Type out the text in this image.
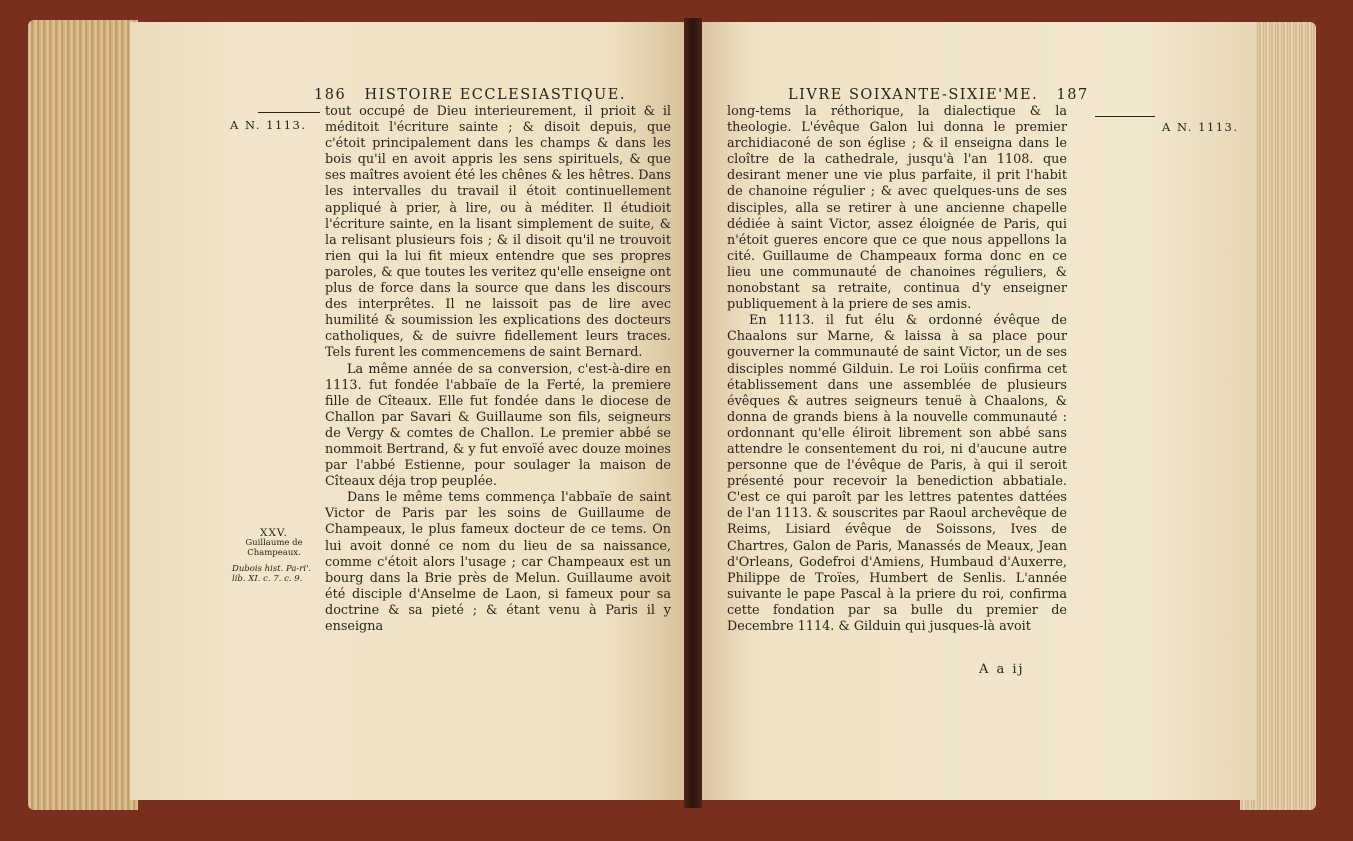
186 HISTOIRE ECCLESIASTIQUE.
A N. 1113.

tout occupé de Dieu interieurement, il prioit & il méditoit l'écriture sainte ; & disoit depuis, que c'étoit principalement dans les champs & dans les bois qu'il en avoit appris les sens spirituels, & que ses maîtres avoient été les chênes & les hêtres. Dans les intervalles du travail il étoit continuellement appliqué à prier, à lire, ou à méditer. Il étudioit l'écriture sainte, en la lisant simplement de suite, & la relisant plusieurs fois ; & il disoit qu'il ne trouvoit rien qui la lui fit mieux entendre que ses propres paroles, & que toutes les veritez qu'elle enseigne ont plus de force dans la source que dans les discours des interprêtes. Il ne laissoit pas de lire avec humilité & soumission les explications des docteurs catholiques, & de suivre fidellement leurs traces. Tels furent les commencemens de saint Bernard.

La même année de sa conversion, c'est-à-dire en 1113. fut fondée l'abbaïe de la Ferté, la premiere fille de Cîteaux. Elle fut fondée dans le diocese de Challon par Savari & Guillaume son fils, seigneurs de Vergy & comtes de Challon. Le premier abbé se nommoit Bertrand, & y fut envoïé avec douze moines par l'abbé Estienne, pour soulager la maison de Cîteaux déja trop peuplée.

Dans le même tems commença l'abbaïe de saint Victor de Paris par les soins de Guillaume de Champeaux, le plus fameux docteur de ce tems. On lui avoit donné ce nom du lieu de sa naissance, comme c'étoit alors l'usage ; car Champeaux est un bourg dans la Brie près de Melun. Guillaume avoit été disciple d'Anselme de Laon, si fameux pour sa doctrine & sa pieté ; & étant venu à Paris il y enseigna

XXV.
Guillaume de Champeaux.
Dubois hist. Pa-ri'. lib. XI. c. 7. c. 9.
LIVRE SOIXANTE-SIXIE'ME. 187
A N. 1113.

long-tems la réthorique, la dialectique & la theologie. L'évêque Galon lui donna le premier archidiaconé de son église ; & il enseigna dans le cloître de la cathedrale, jusqu'à l'an 1108. que desirant mener une vie plus parfaite, il prit l'habit de chanoine régulier ; & avec quelques-uns de ses disciples, alla se retirer à une ancienne chapelle dédiée à saint Victor, assez éloignée de Paris, qui n'étoit gueres encore que ce que nous appellons la cité. Guillaume de Champeaux forma donc en ce lieu une communauté de chanoines réguliers, & nonobstant sa retraite, continua d'y enseigner publiquement à la priere de ses amis.

En 1113. il fut élu & ordonné évêque de Chaalons sur Marne, & laissa à sa place pour gouverner la communauté de saint Victor, un de ses disciples nommé Gilduin. Le roi Loüis confirma cet établissement dans une assemblée de plusieurs évêques & autres seigneurs tenuë à Chaalons, & donna de grands biens à la nouvelle communauté : ordonnant qu'elle éliroit librement son abbé sans attendre le consentement du roi, ni d'aucune autre personne que de l'évêque de Paris, à qui il seroit présenté pour recevoir la benediction abbatiale. C'est ce qui paroît par les lettres patentes dattées de l'an 1113. & souscrites par Raoul archevêque de Reims, Lisiard évêque de Soissons, Ives de Chartres, Galon de Paris, Manassés de Meaux, Jean d'Orleans, Godefroi d'Amiens, Humbaud d'Auxerre, Philippe de Troïes, Humbert de Senlis. L'année suivante le pape Pascal à la priere du roi, confirma cette fondation par sa bulle du premier de Decembre 1114. & Gilduin qui jusques-là avoit

A a ij
